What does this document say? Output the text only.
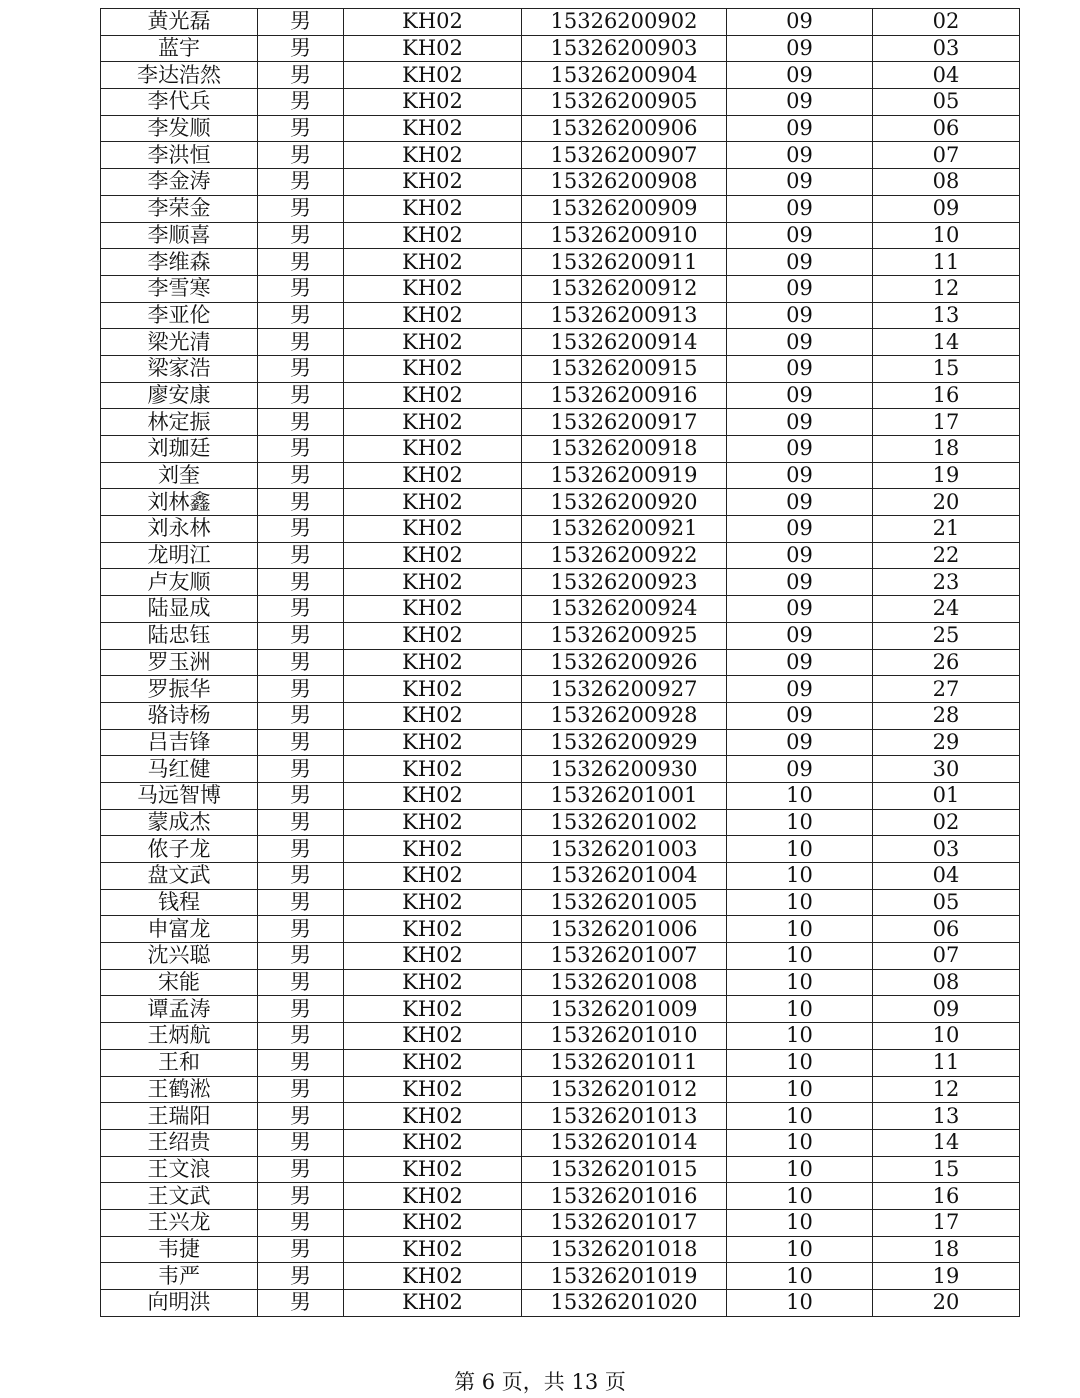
黄光磊	男	KH02	15326200902	09	02
蓝宇	男	KH02	15326200903	09	03
李达浩然	男	KH02	15326200904	09	04
李代兵	男	KH02	15326200905	09	05
李发顺	男	KH02	15326200906	09	06
李洪恒	男	KH02	15326200907	09	07
李金涛	男	KH02	15326200908	09	08
李荣金	男	KH02	15326200909	09	09
李顺喜	男	KH02	15326200910	09	10
李维森	男	KH02	15326200911	09	11
李雪寒	男	KH02	15326200912	09	12
李亚伦	男	KH02	15326200913	09	13
梁光清	男	KH02	15326200914	09	14
梁家浩	男	KH02	15326200915	09	15
廖安康	男	KH02	15326200916	09	16
林定振	男	KH02	15326200917	09	17
刘珈廷	男	KH02	15326200918	09	18
刘奎	男	KH02	15326200919	09	19
刘林鑫	男	KH02	15326200920	09	20
刘永林	男	KH02	15326200921	09	21
龙明江	男	KH02	15326200922	09	22
卢友顺	男	KH02	15326200923	09	23
陆显成	男	KH02	15326200924	09	24
陆忠钰	男	KH02	15326200925	09	25
罗玉洲	男	KH02	15326200926	09	26
罗振华	男	KH02	15326200927	09	27
骆诗杨	男	KH02	15326200928	09	28
吕吉锋	男	KH02	15326200929	09	29
马红健	男	KH02	15326200930	09	30
马远智博	男	KH02	15326201001	10	01
蒙成杰	男	KH02	15326201002	10	02
侬子龙	男	KH02	15326201003	10	03
盘文武	男	KH02	15326201004	10	04
钱程	男	KH02	15326201005	10	05
申富龙	男	KH02	15326201006	10	06
沈兴聪	男	KH02	15326201007	10	07
宋能	男	KH02	15326201008	10	08
谭孟涛	男	KH02	15326201009	10	09
王炳航	男	KH02	15326201010	10	10
王和	男	KH02	15326201011	10	11
王鹤淞	男	KH02	15326201012	10	12
王瑞阳	男	KH02	15326201013	10	13
王绍贵	男	KH02	15326201014	10	14
王文浪	男	KH02	15326201015	10	15
王文武	男	KH02	15326201016	10	16
王兴龙	男	KH02	15326201017	10	17
韦捷	男	KH02	15326201018	10	18
韦严	男	KH02	15326201019	10	19
向明洪	男	KH02	15326201020	10	20
第 6 页，共 13 页
